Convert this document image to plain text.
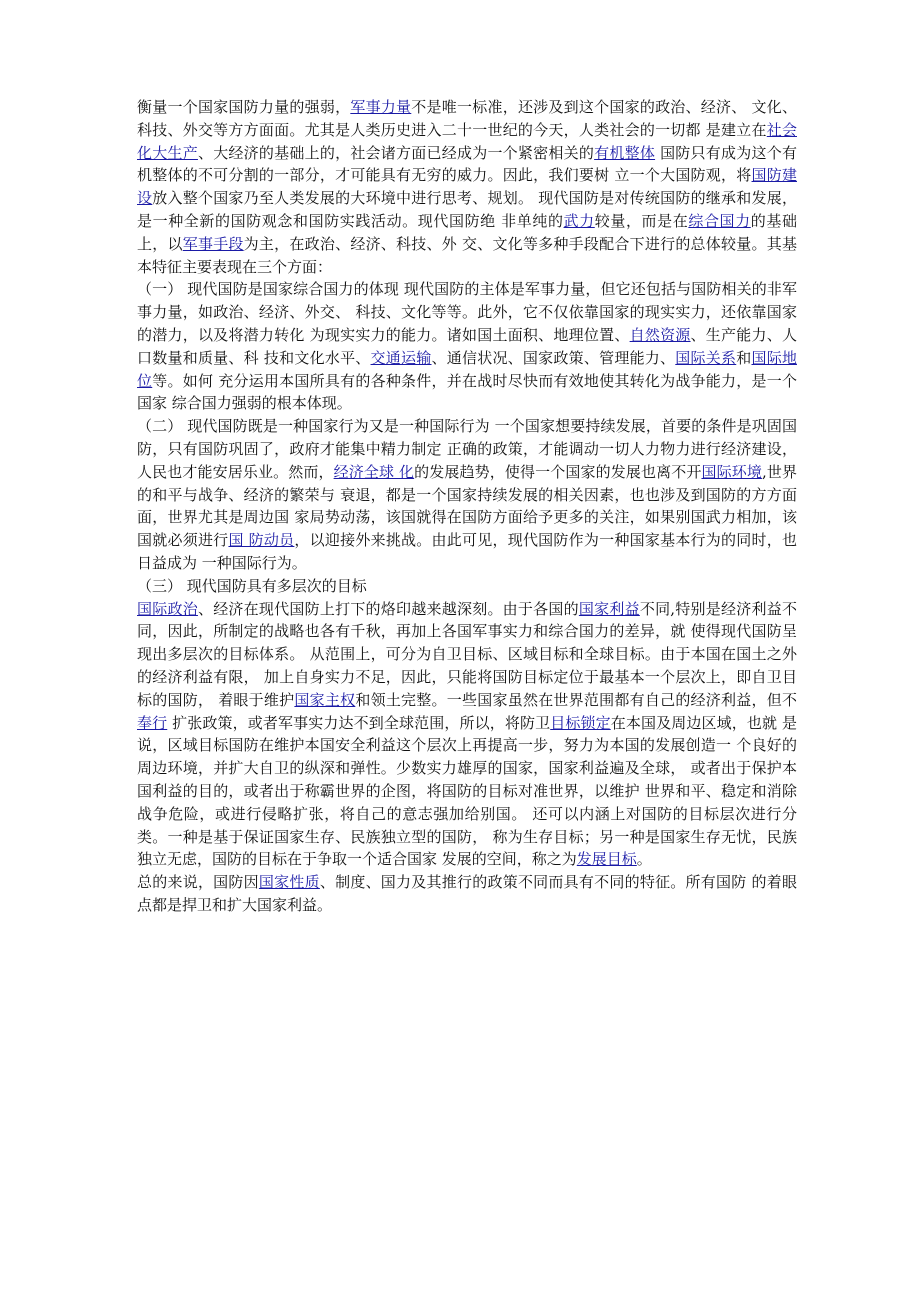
衡量一个国家国防力量的强弱，军事力量不是唯一标准，还涉及到这个国家的政治、经济、 文化、科技、外交等方方面面。尤其是人类历史进入二十一世纪的今天，人类社会的一切都 是建立在社会化大生产、大经济的基础上的，社会诸方面已经成为一个紧密相关的有机整体 国防只有成为这个有机整体的不可分割的一部分，才可能具有无穷的威力。因此，我们要树 立一个大国防观，将国防建设放入整个国家乃至人类发展的大环境中进行思考、规划。 现代国防是对传统国防的继承和发展，是一种全新的国防观念和国防实践活动。现代国防绝 非单纯的武力较量，而是在综合国力的基础上，以军事手段为主，在政治、经济、科技、外 交、文化等多种手段配合下进行的总体较量。其基本特征主要表现在三个方面：

（一） 现代国防是国家综合国力的体现 现代国防的主体是军事力量，但它还包括与国防相关的非军事力量，如政治、经济、外交、 科技、文化等等。此外，它不仅依靠国家的现实实力，还依靠国家的潜力，以及将潜力转化 为现实实力的能力。诸如国土面积、地理位置、自然资源、生产能力、人口数量和质量、科 技和文化水平、交通运输、通信状况、国家政策、管理能力、国际关系和国际地位等。如何 充分运用本国所具有的各种条件，并在战时尽快而有效地使其转化为战争能力，是一个国家 综合国力强弱的根本体现。

（二） 现代国防既是一种国家行为又是一种国际行为 一个国家想要持续发展，首要的条件是巩固国防，只有国防巩固了，政府才能集中精力制定 正确的政策，才能调动一切人力物力进行经济建设，人民也才能安居乐业。然而，经济全球 化的发展趋势，使得一个国家的发展也离不开国际环境,世界的和平与战争、经济的繁荣与 衰退，都是一个国家持续发展的相关因素，也也涉及到国防的方方面面，世界尤其是周边国 家局势动荡，该国就得在国防方面给予更多的关注，如果别国武力相加，该国就必须进行国 防动员，以迎接外来挑战。由此可见，现代国防作为一种国家基本行为的同时，也日益成为 一种国际行为。

（三） 现代国防具有多层次的目标

国际政治、经济在现代国防上打下的烙印越来越深刻。由于各国的国家利益不同,特别是经济利益不同，因此，所制定的战略也各有千秋，再加上各国军事实力和综合国力的差异，就 使得现代国防呈现出多层次的目标体系。 从范围上，可分为自卫目标、区域目标和全球目标。由于本国在国土之外的经济利益有限， 加上自身实力不足，因此，只能将国防目标定位于最基本一个层次上，即自卫目标的国防， 着眼于维护国家主权和领土完整。一些国家虽然在世界范围都有自己的经济利益，但不奉行 扩张政策，或者军事实力达不到全球范围，所以，将防卫目标锁定在本国及周边区域，也就 是说，区域目标国防在维护本国安全利益这个层次上再提高一步，努力为本国的发展创造一 个良好的周边环境，并扩大自卫的纵深和弹性。少数实力雄厚的国家，国家利益遍及全球， 或者出于保护本国利益的目的，或者出于称霸世界的企图，将国防的目标对准世界，以维护 世界和平、稳定和消除战争危险，或进行侵略扩张，将自己的意志强加给别国。 还可以内涵上对国防的目标层次进行分类。一种是基于保证国家生存、民族独立型的国防， 称为生存目标；另一种是国家生存无忧，民族独立无虑，国防的目标在于争取一个适合国家 发展的空间，称之为发展目标。

总的来说，国防因国家性质、制度、国力及其推行的政策不同而具有不同的特征。所有国防 的着眼点都是捍卫和扩大国家利益。
